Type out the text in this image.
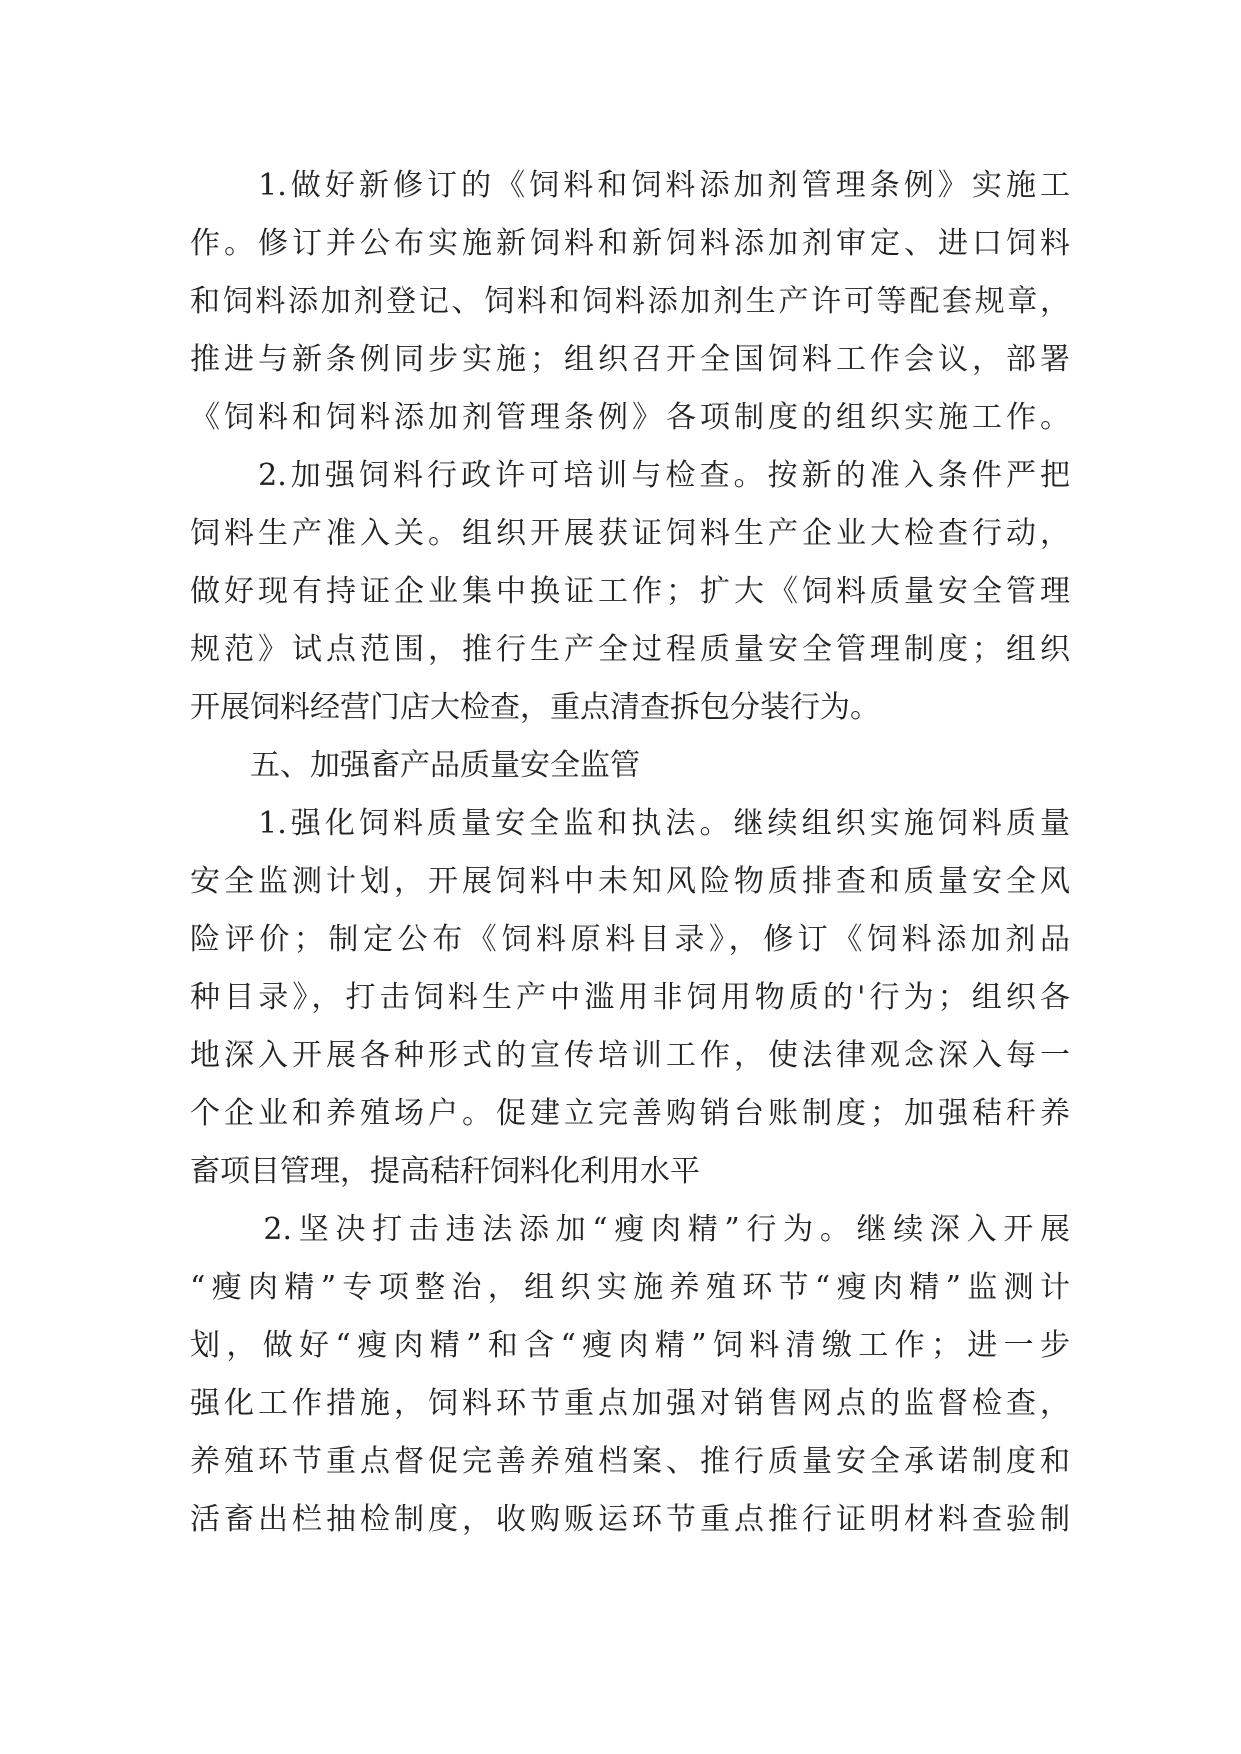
　　1.做好新修订的《饲料和饲料添加剂管理条例》实施工
作。修订并公布实施新饲料和新饲料添加剂审定、进口饲料
和饲料添加剂登记、饲料和饲料添加剂生产许可等配套规章，
推进与新条例同步实施；组织召开全国饲料工作会议，部署
《饲料和饲料添加剂管理条例》各项制度的组织实施工作。
　　2.加强饲料行政许可培训与检查。按新的准入条件严把
饲料生产准入关。组织开展获证饲料生产企业大检查行动，
做好现有持证企业集中换证工作；扩大《饲料质量安全管理
规范》试点范围，推行生产全过程质量安全管理制度；组织
开展饲料经营门店大检查，重点清查拆包分装行为。
　　五、加强畜产品质量安全监管
　　1.强化饲料质量安全监和执法。继续组织实施饲料质量
安全监测计划，开展饲料中未知风险物质排查和质量安全风
险评价；制定公布《饲料原料目录》，修订《饲料添加剂品
种目录》，打击饲料生产中滥用非饲用物质的'行为；组织各
地深入开展各种形式的宣传培训工作，使法律观念深入每一
个企业和养殖场户。促建立完善购销台账制度；加强秸秆养
畜项目管理，提高秸秆饲料化利用水平
　　2.坚决打击违法添加“瘦肉精”行为。继续深入开展
“瘦肉精”专项整治，组织实施养殖环节“瘦肉精”监测计
划，做好“瘦肉精”和含“瘦肉精”饲料清缴工作；进一步
强化工作措施，饲料环节重点加强对销售网点的监督检查，
养殖环节重点督促完善养殖档案、推行质量安全承诺制度和
活畜出栏抽检制度，收购贩运环节重点推行证明材料查验制
